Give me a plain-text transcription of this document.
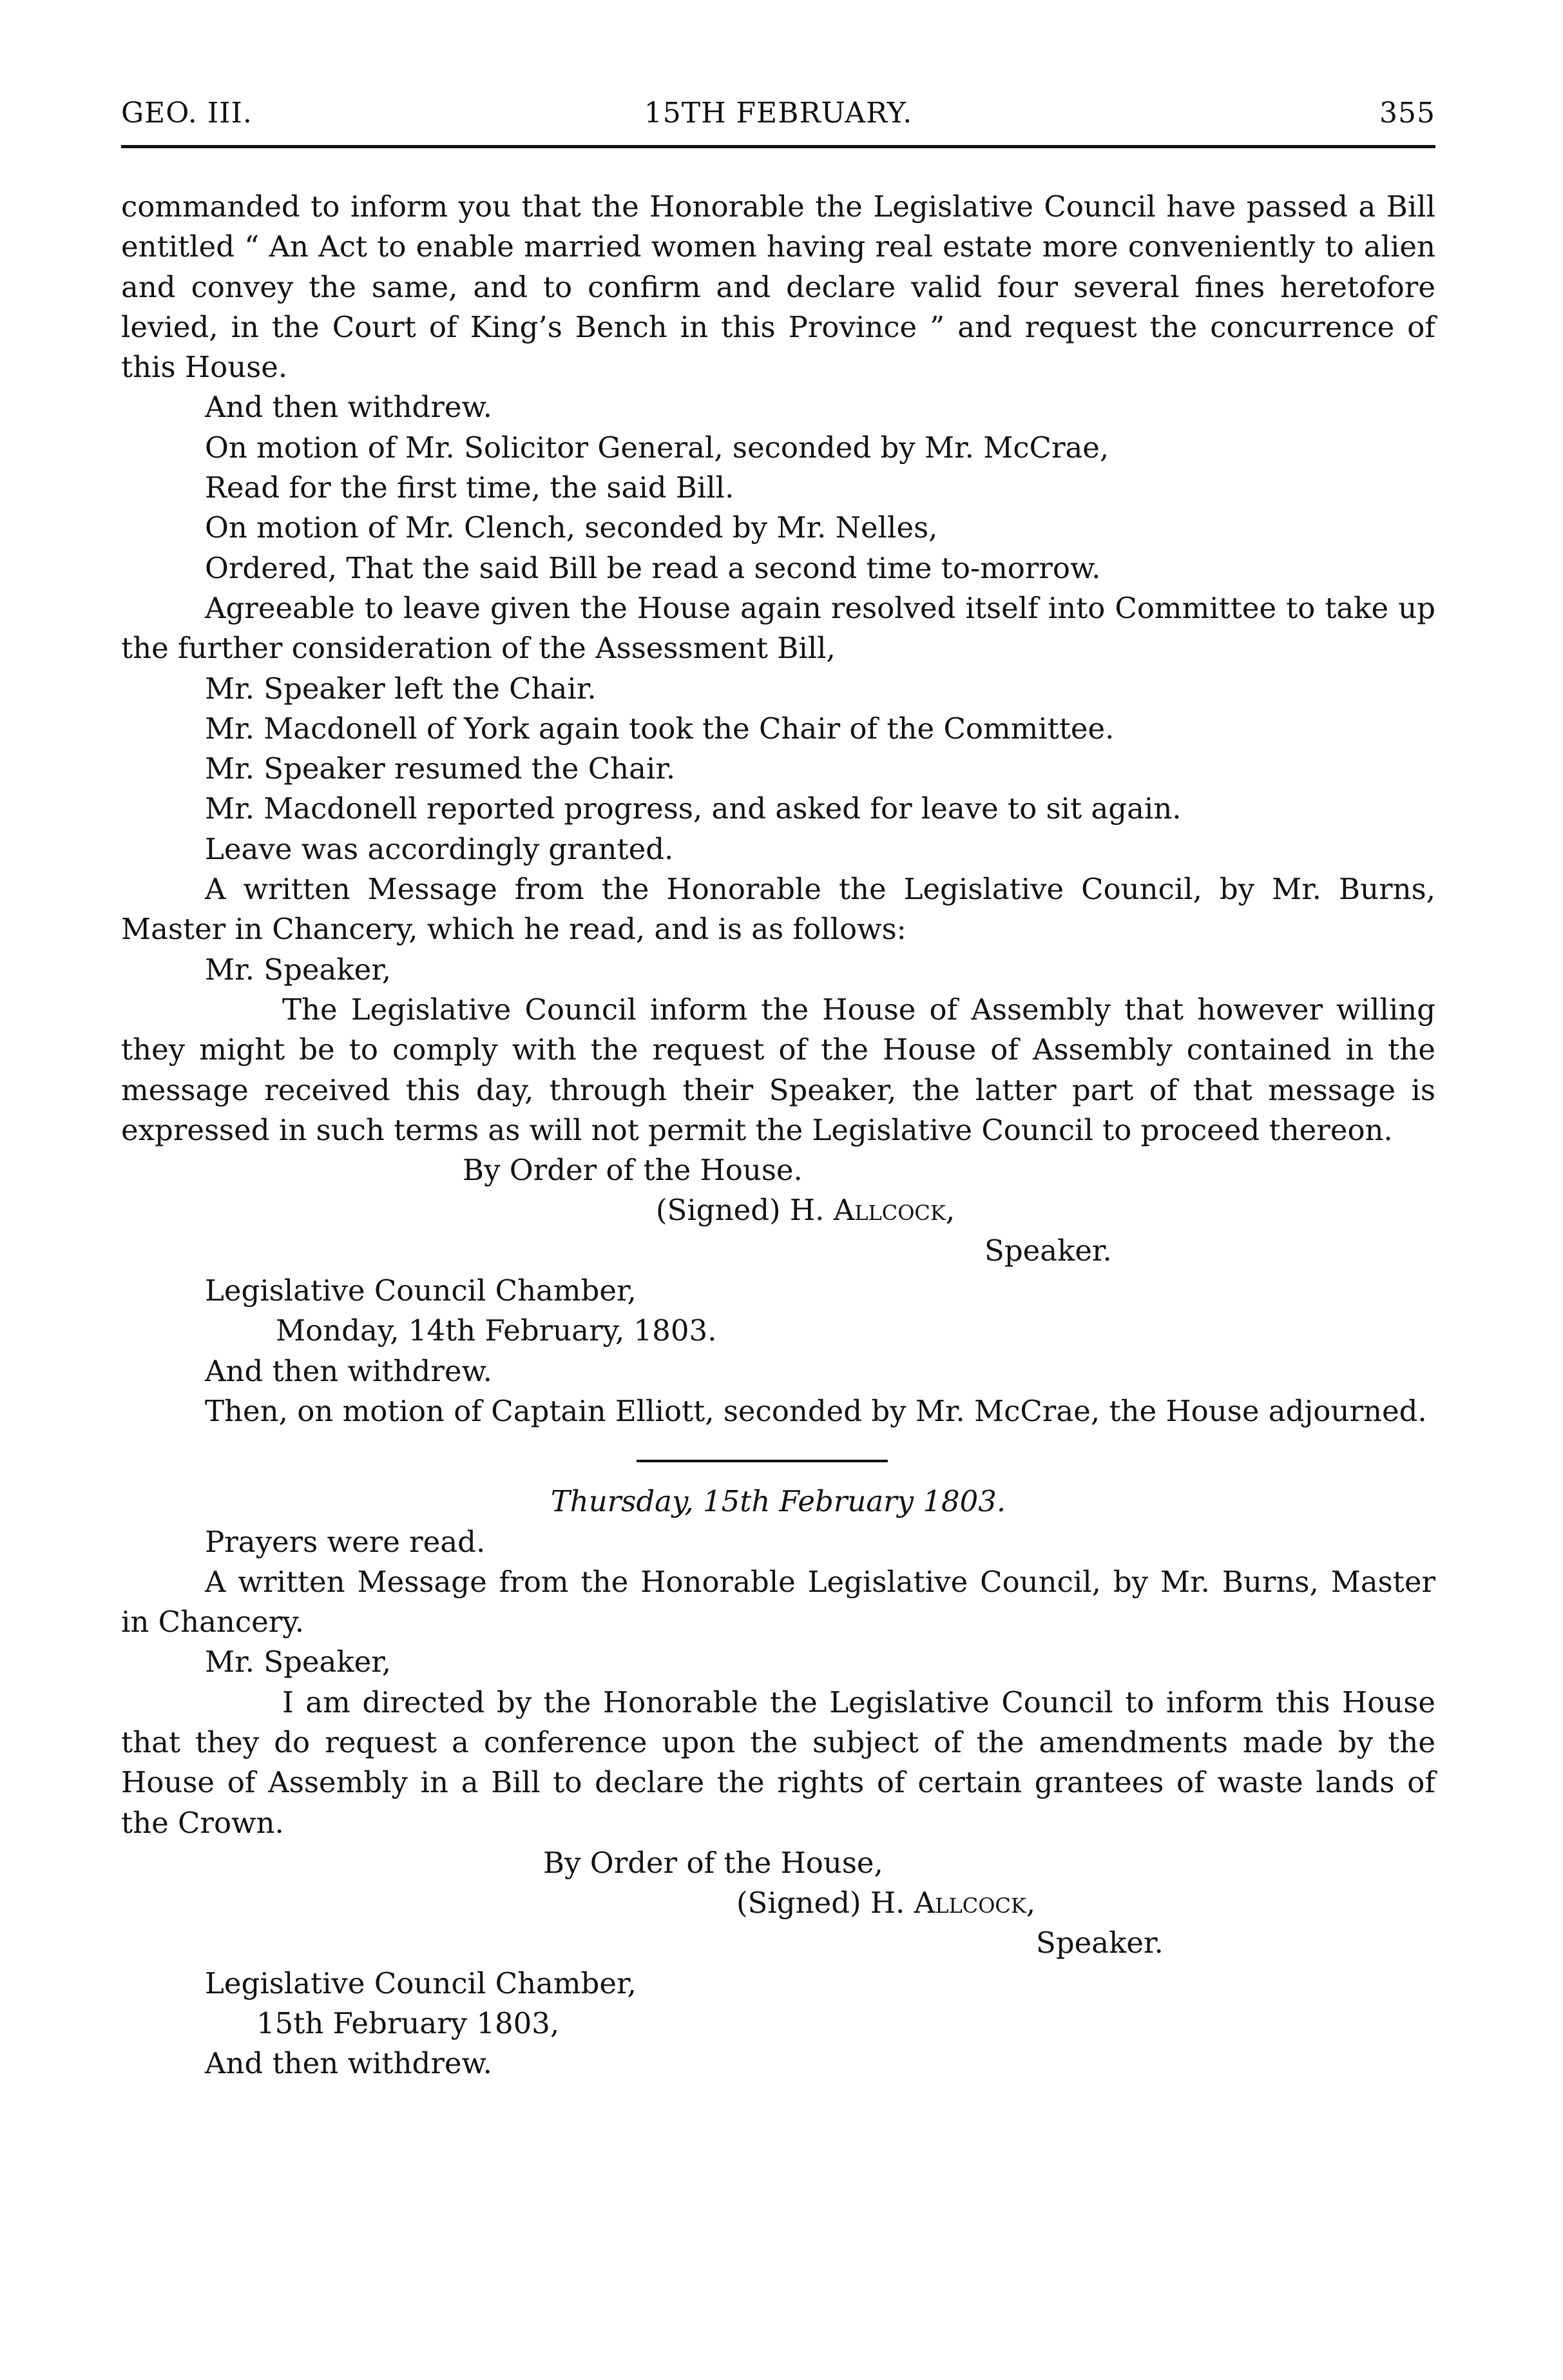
GEO. III.	15TH FEBRUARY.	355

commanded to inform you that the Honorable the Legislative Council have passed a Bill entitled “ An Act to enable married women having real estate more conveniently to alien and convey the same, and to confirm and declare valid four several fines heretofore levied, in the Court of King’s Bench in this Province ” and request the concurrence of this House.

And then withdrew.

On motion of Mr. Solicitor General, seconded by Mr. McCrae,

Read for the first time, the said Bill.

On motion of Mr. Clench, seconded by Mr. Nelles,

Ordered, That the said Bill be read a second time to-morrow.

Agreeable to leave given the House again resolved itself into Committee to take up the further consideration of the Assessment Bill,

Mr. Speaker left the Chair.

Mr. Macdonell of York again took the Chair of the Committee.

Mr. Speaker resumed the Chair.

Mr. Macdonell reported progress, and asked for leave to sit again.

Leave was accordingly granted.

A written Message from the Honorable the Legislative Council, by Mr. Burns, Master in Chancery, which he read, and is as follows:

Mr. Speaker,

The Legislative Council inform the House of Assembly that however willing they might be to comply with the request of the House of Assembly contained in the message received this day, through their Speaker, the latter part of that message is expressed in such terms as will not permit the Legislative Council to proceed thereon.

By Order of the House.

(Signed) H. Allcock,

Speaker.

Legislative Council Chamber,

Monday, 14th February, 1803.

And then withdrew.

Then, on motion of Captain Elliott, seconded by Mr. McCrae, the House adjourned.

Thursday, 15th February 1803.

Prayers were read.

A written Message from the Honorable Legislative Council, by Mr. Burns, Master in Chancery.

Mr. Speaker,

I am directed by the Honorable the Legislative Council to inform this House that they do request a conference upon the subject of the amendments made by the House of Assembly in a Bill to declare the rights of certain grantees of waste lands of the Crown.

By Order of the House,

(Signed) H. Allcock,

Speaker.

Legislative Council Chamber,

15th February 1803,

And then withdrew.
